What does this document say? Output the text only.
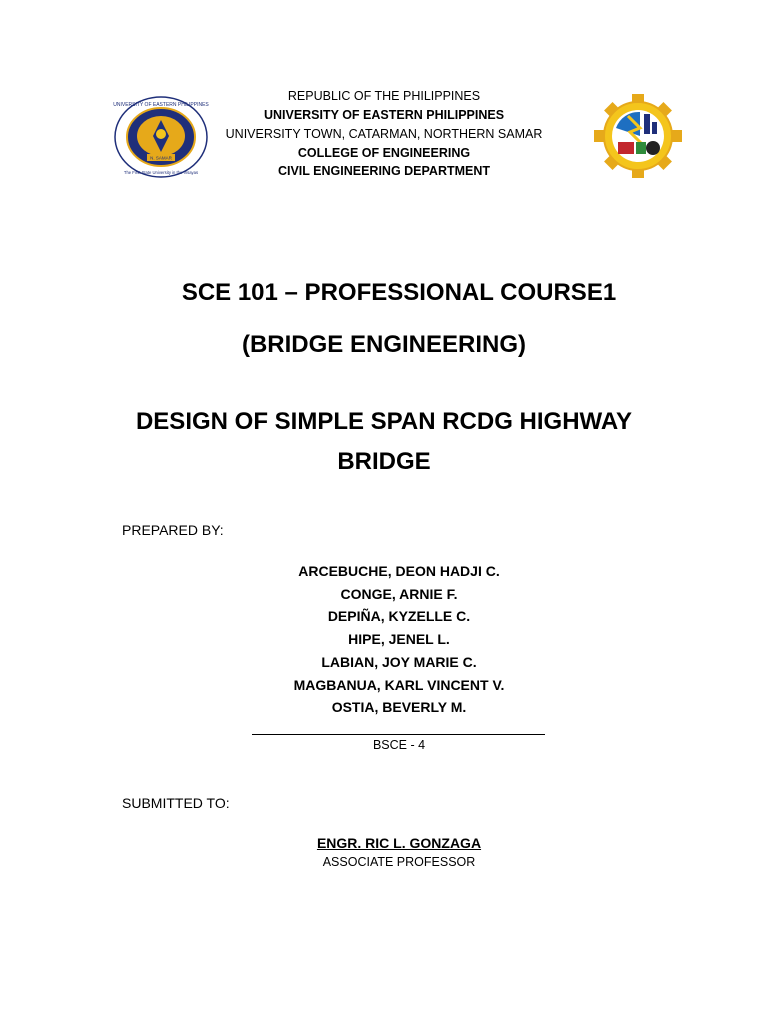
N. SAMAR
UNIVERSITY OF EASTERN PHILIPPINES
The First State University in the Visayas
REPUBLIC OF THE PHILIPPINES
UNIVERSITY OF EASTERN PHILIPPINES
UNIVERSITY TOWN, CATARMAN, NORTHERN SAMAR
COLLEGE OF ENGINEERING
CIVIL ENGINEERING DEPARTMENT
SCE 101 – PROFESSIONAL COURSE1
(BRIDGE ENGINEERING)
DESIGN OF SIMPLE SPAN RCDG HIGHWAY
BRIDGE
PREPARED BY:
ARCEBUCHE, DEON HADJI C.
CONGE, ARNIE F.
DEPIÑA, KYZELLE C.
HIPE, JENEL L.
LABIAN, JOY MARIE C.
MAGBANUA, KARL VINCENT V.
OSTIA, BEVERLY M.
BSCE - 4
SUBMITTED TO:
ENGR. RIC L. GONZAGA
ASSOCIATE PROFESSOR
